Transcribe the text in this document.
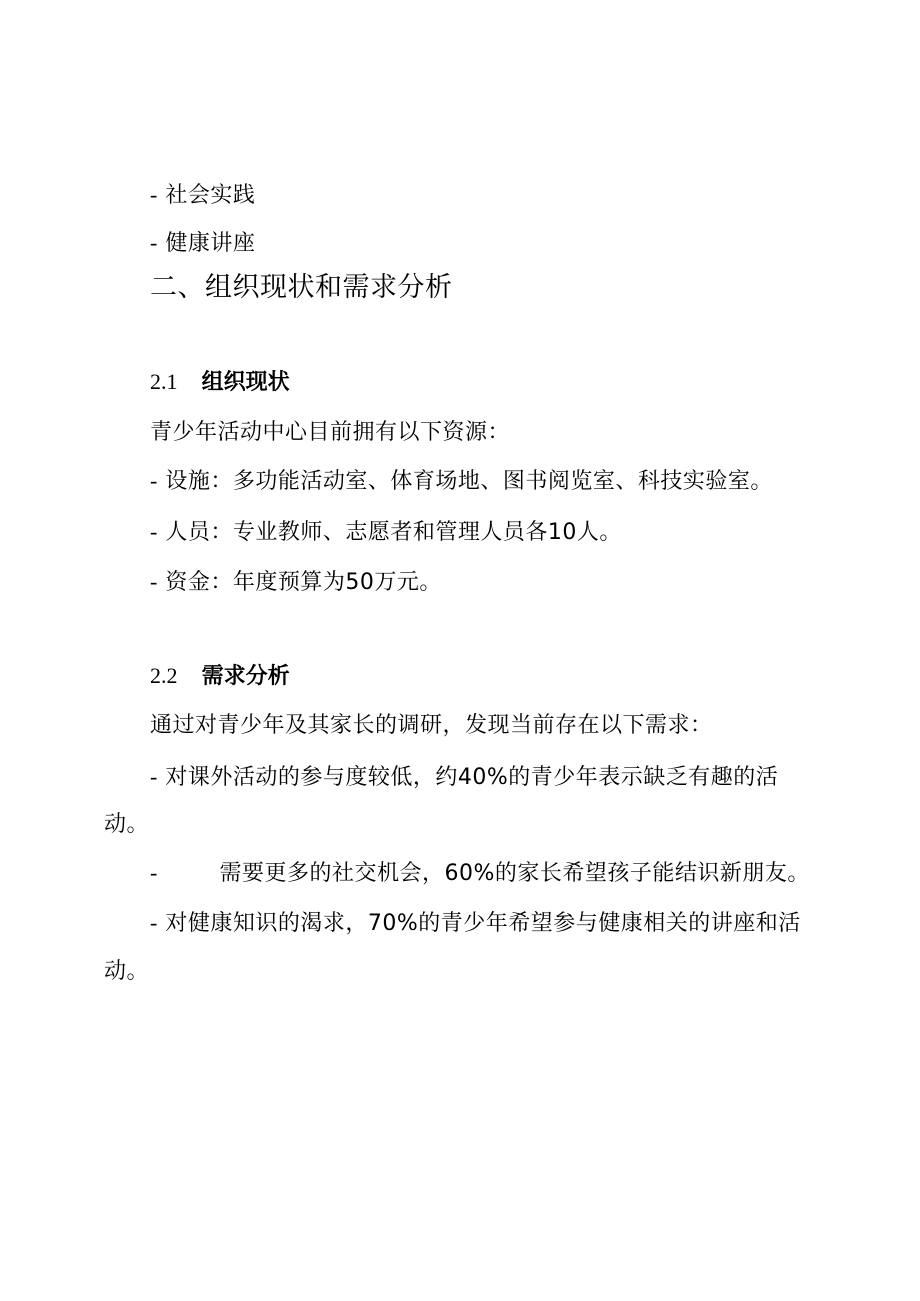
- 社会实践
- 健康讲座
二、组织现状和需求分析
2.1 组织现状
青少年活动中心目前拥有以下资源：
- 设施：多功能活动室、体育场地、图书阅览室、科技实验室。
- 人员：专业教师、志愿者和管理人员各10人。
- 资金：年度预算为50万元。
2.2 需求分析
通过对青少年及其家长的调研，发现当前存在以下需求：
- 对课外活动的参与度较低，约40%的青少年表示缺乏有趣的活
动。
-	需要更多的社交机会，60%的家长希望孩子能结识新朋友。
- 对健康知识的渴求，70%的青少年希望参与健康相关的讲座和活
动。
